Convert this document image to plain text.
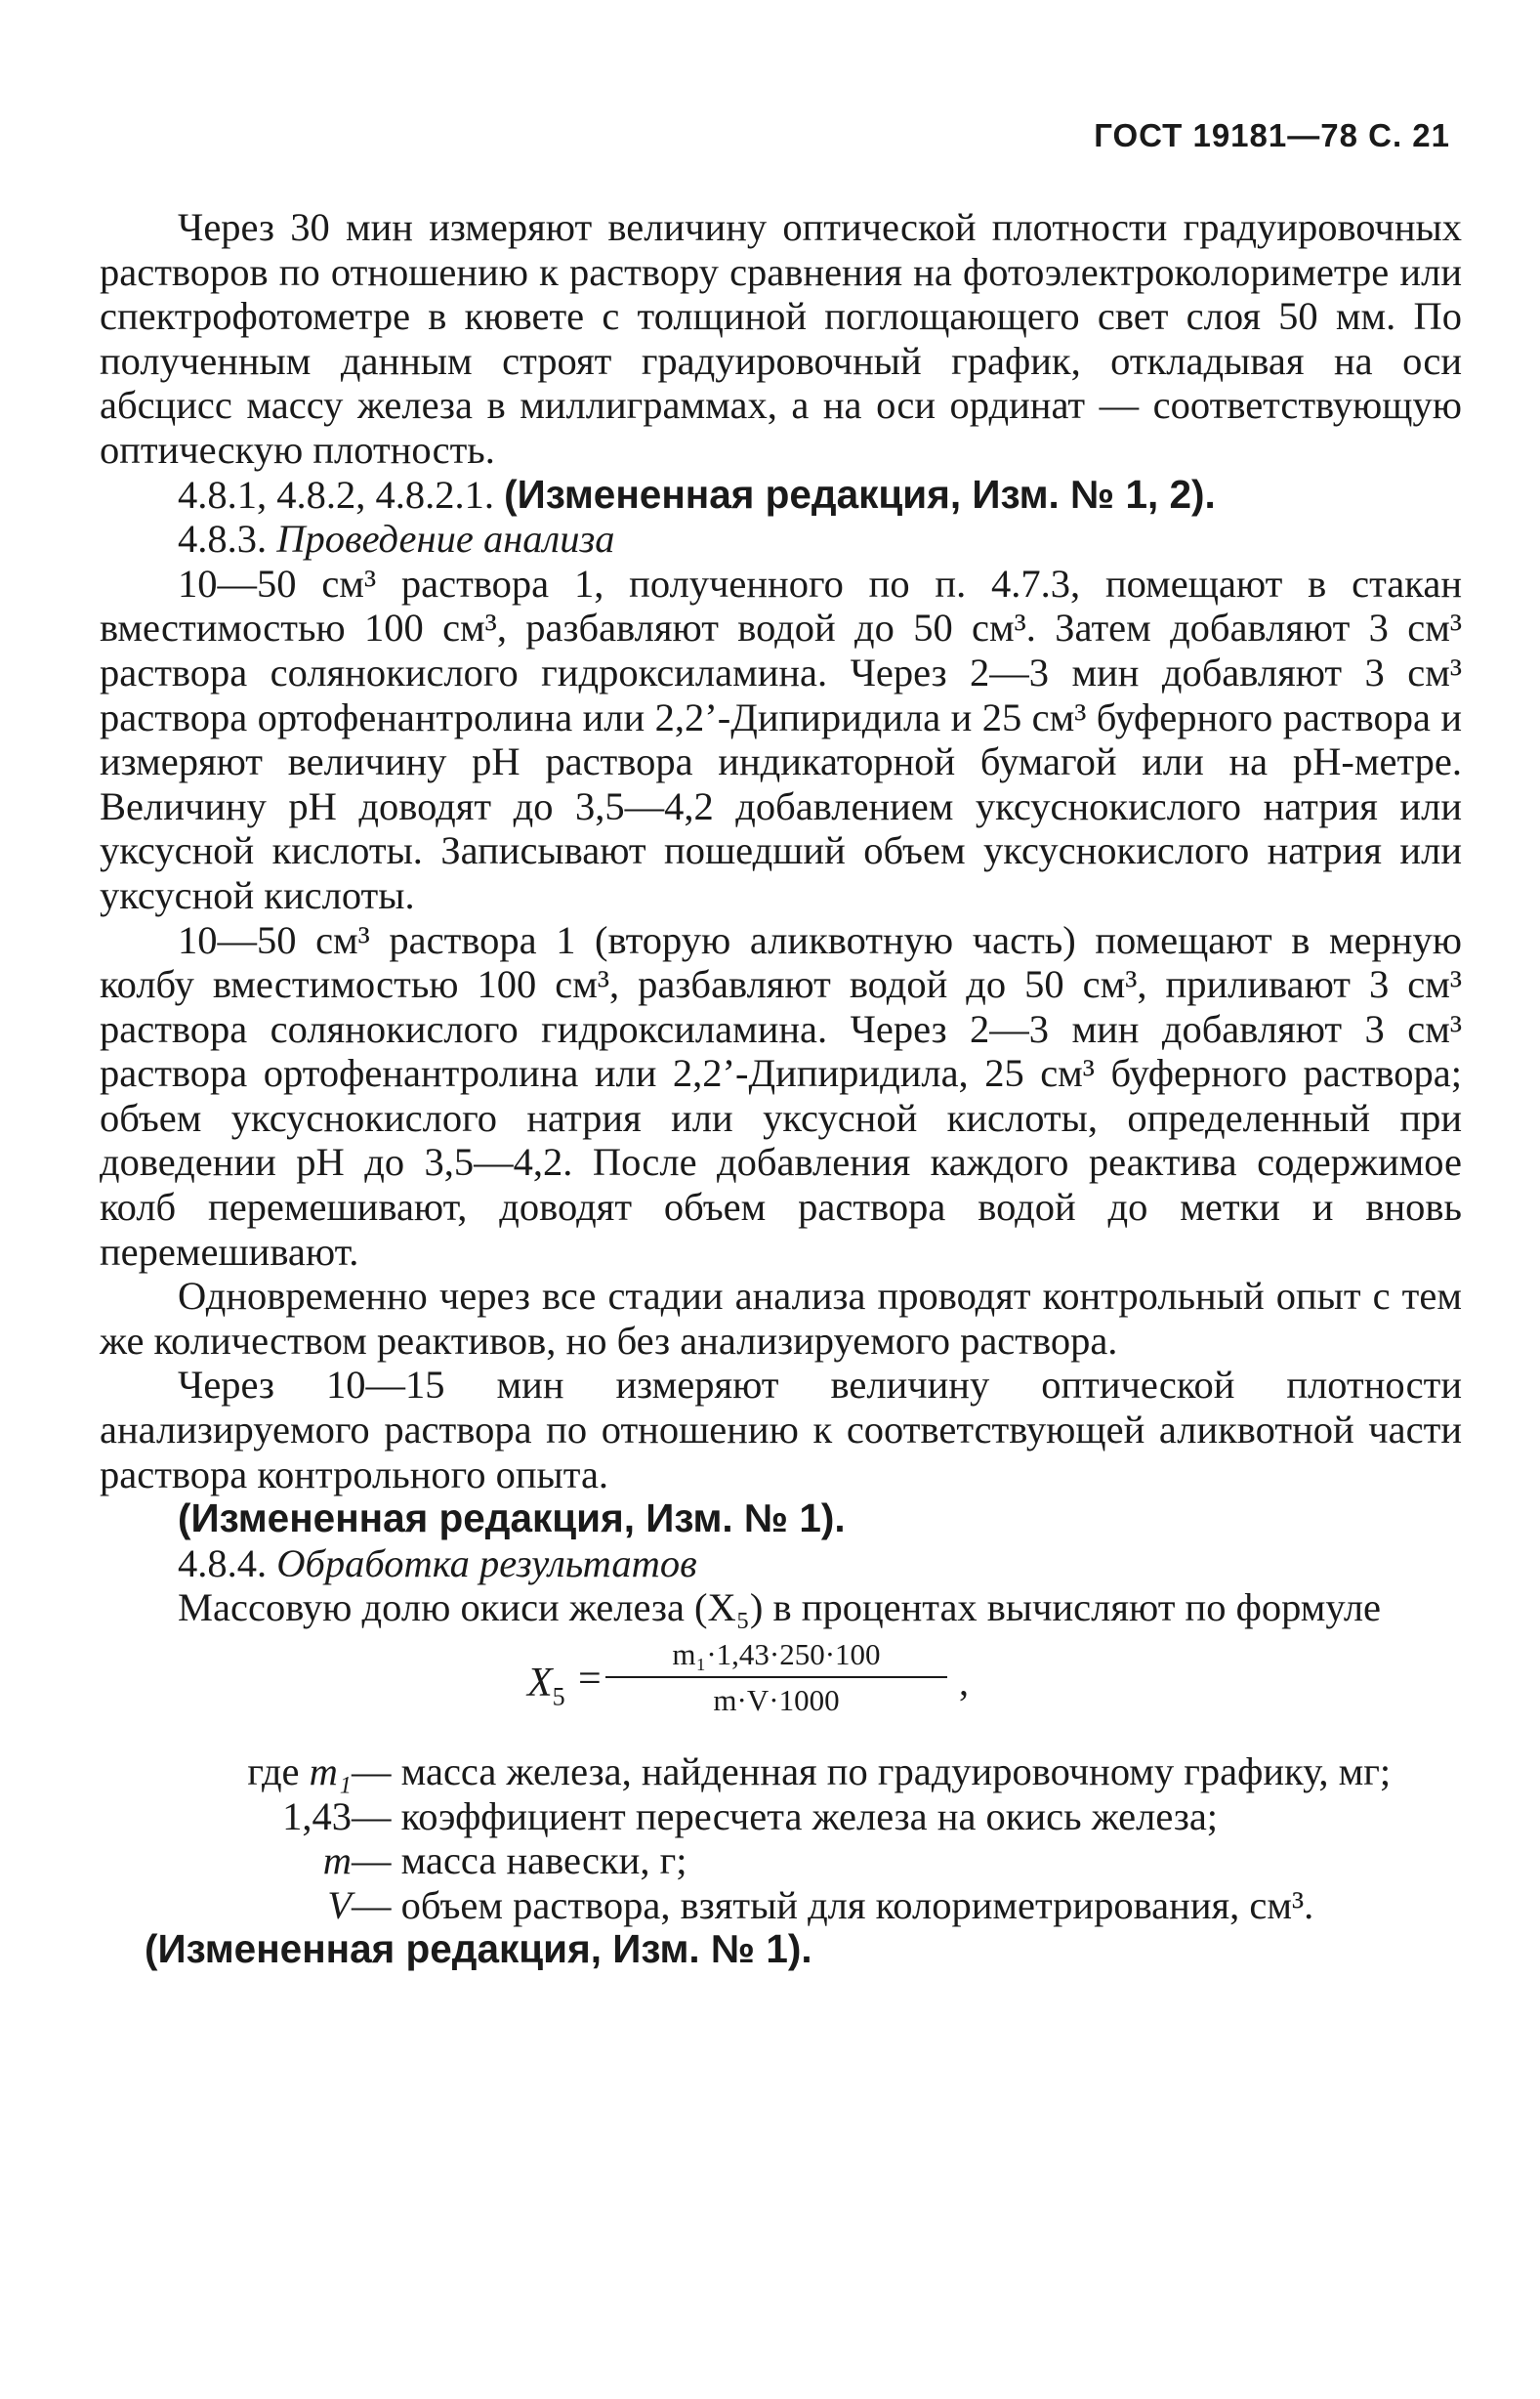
ГОСТ 19181—78 С. 21

Через 30 мин измеряют величину оптической плотности градуировочных растворов по отношению к раствору сравнения на фотоэлектроколориметре или спектрофотометре в кювете с толщиной поглощающего свет слоя 50 мм. По полученным данным строят градуировочный график, откладывая на оси абсцисс массу железа в миллиграммах, а на оси ординат — соответствующую оптическую плотность.

4.8.1, 4.8.2, 4.8.2.1. (Измененная редакция, Изм. № 1, 2).

4.8.3. Проведение анализа

10—50 см³ раствора 1, полученного по п. 4.7.3, помещают в стакан вместимостью 100 см³, разбавляют водой до 50 см³. Затем добавляют 3 см³ раствора солянокислого гидроксиламина. Через 2—3 мин добавляют 3 см³ раствора ортофенантролина или 2,2’-Дипиридила и 25 см³ буферного раствора и измеряют величину pH раствора индикаторной бумагой или на pH-метре. Величину pH доводят до 3,5—4,2 добавлением уксуснокислого натрия или уксусной кислоты. Записывают пошедший объем уксуснокислого натрия или уксусной кислоты.

10—50 см³ раствора 1 (вторую аликвотную часть) помещают в мерную колбу вместимостью 100 см³, разбавляют водой до 50 см³, приливают 3 см³ раствора солянокислого гидроксиламина. Через 2—3 мин добавляют 3 см³ раствора ортофенантролина или 2,2’-Дипиридила, 25 см³ буферного раствора; объем уксуснокислого натрия или уксусной кислоты, определенный при доведении pH до 3,5—4,2. После добавления каждого реактива содержимое колб перемешивают, доводят объем раствора водой до метки и вновь перемешивают.

Одновременно через все стадии анализа проводят контрольный опыт с тем же количеством реактивов, но без анализируемого раствора.

Через 10—15 мин измеряют величину оптической плотности анализируемого раствора по отношению к соответствующей аликвотной части раствора контрольного опыта.

(Измененная редакция, Изм. № 1).

4.8.4. Обработка результатов

Массовую долю окиси железа (X₅) в процентах вычисляют по формуле

$X_5$ =
m₁·1,43·250·100
m·V·1000	,
где m₁ — масса железа, найденная по градуировочному графику, мг;
1,43 — коэффициент пересчета железа на окись железа;
m — масса навески, г;
V — объем раствора, взятый для колориметрирования, см³.

(Измененная редакция, Изм. № 1).
